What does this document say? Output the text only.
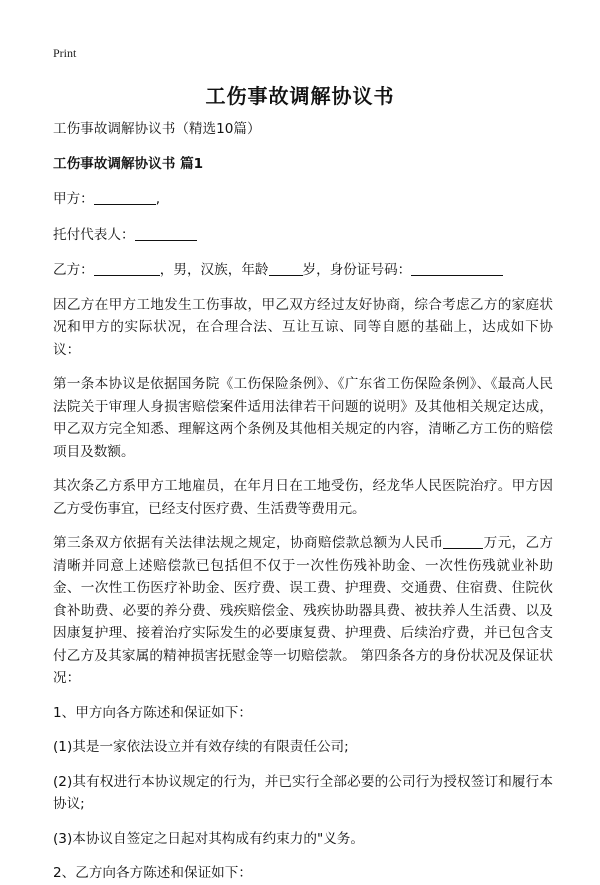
Print
工伤事故调解协议书

工伤事故调解协议书（精选10篇）

工伤事故调解协议书 篇1

甲方：	,

托付代表人：

乙方：	，男，汉族，年龄	岁，身份证号码：

因乙方在甲方工地发生工伤事故，甲乙双方经过友好协商，综合考虑乙方的家庭状况和甲方的实际状况，在合理合法、互让互谅、同等自愿的基础上，达成如下协议：

第一条本协议是依据国务院《工伤保险条例》、《广东省工伤保险条例》、《最高人民法院关于审理人身损害赔偿案件适用法律若干问题的说明》及其他相关规定达成，甲乙双方完全知悉、理解这两个条例及其他相关规定的内容，清晰乙方工伤的赔偿项目及数额。

其次条乙方系甲方工地雇员，在年月日在工地受伤，经龙华人民医院治疗。甲方因乙方受伤事宜，已经支付医疗费、生活费等费用元。

第三条双方依据有关法律法规之规定，协商赔偿款总额为人民币	万元，乙方清晰并同意上述赔偿款已包括但不仅于一次性伤残补助金、一次性伤残就业补助金、一次性工伤医疗补助金、医疗费、误工费、护理费、交通费、住宿费、住院伙食补助费、必要的养分费、残疾赔偿金、残疾协助器具费、被扶养人生活费、以及因康复护理、接着治疗实际发生的必要康复费、护理费、后续治疗费，并已包含支付乙方及其家属的精神损害抚慰金等一切赔偿款。 第四条各方的身份状况及保证状况：

1、甲方向各方陈述和保证如下：

(1)其是一家依法设立并有效存续的有限责任公司;

(2)其有权进行本协议规定的行为，并已实行全部必要的公司行为授权签订和履行本协议;

(3)本协议自签定之日起对其构成有约束力的"义务。

2、乙方向各方陈述和保证如下：
